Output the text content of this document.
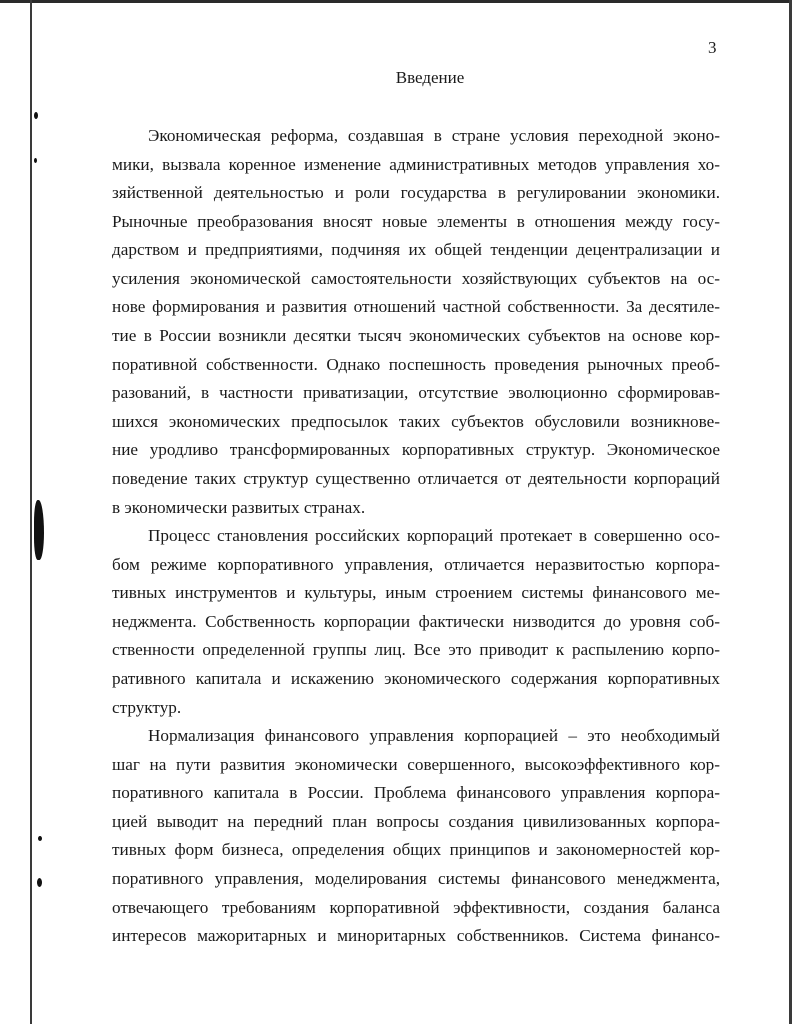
3
Введение
Экономическая реформа, создавшая в стране условия переходной эконо-
мики, вызвала коренное изменение административных методов управления хо-
зяйственной деятельностью и роли государства в регулировании экономики.
Рыночные преобразования вносят новые элементы в отношения между госу-
дарством и предприятиями, подчиняя их общей тенденции децентрализации и
усиления экономической самостоятельности хозяйствующих субъектов на ос-
нове формирования и развития отношений частной собственности. За десятиле-
тие в России возникли десятки тысяч экономических субъектов на основе кор-
поративной собственности. Однако поспешность проведения рыночных преоб-
разований, в частности приватизации, отсутствие эволюционно сформировав-
шихся экономических предпосылок таких субъектов обусловили возникнове-
ние уродливо трансформированных корпоративных структур. Экономическое
поведение таких структур существенно отличается от деятельности корпораций
в экономически развитых странах.
Процесс становления российских корпораций протекает в совершенно осо-
бом режиме корпоративного управления, отличается неразвитостью корпора-
тивных инструментов и культуры, иным строением системы финансового ме-
неджмента. Собственность корпорации фактически низводится до уровня соб-
ственности определенной группы лиц. Все это приводит к распылению корпо-
ративного капитала и искажению экономического содержания корпоративных
структур.
Нормализация финансового управления корпорацией – это необходимый
шаг на пути развития экономически совершенного, высокоэффективного кор-
поративного капитала в России. Проблема финансового управления корпора-
цией выводит на передний план вопросы создания цивилизованных корпора-
тивных форм бизнеса, определения общих принципов и закономерностей кор-
поративного управления, моделирования системы финансового менеджмента,
отвечающего требованиям корпоративной эффективности, создания баланса
интересов мажоритарных и миноритарных собственников. Система финансо-
